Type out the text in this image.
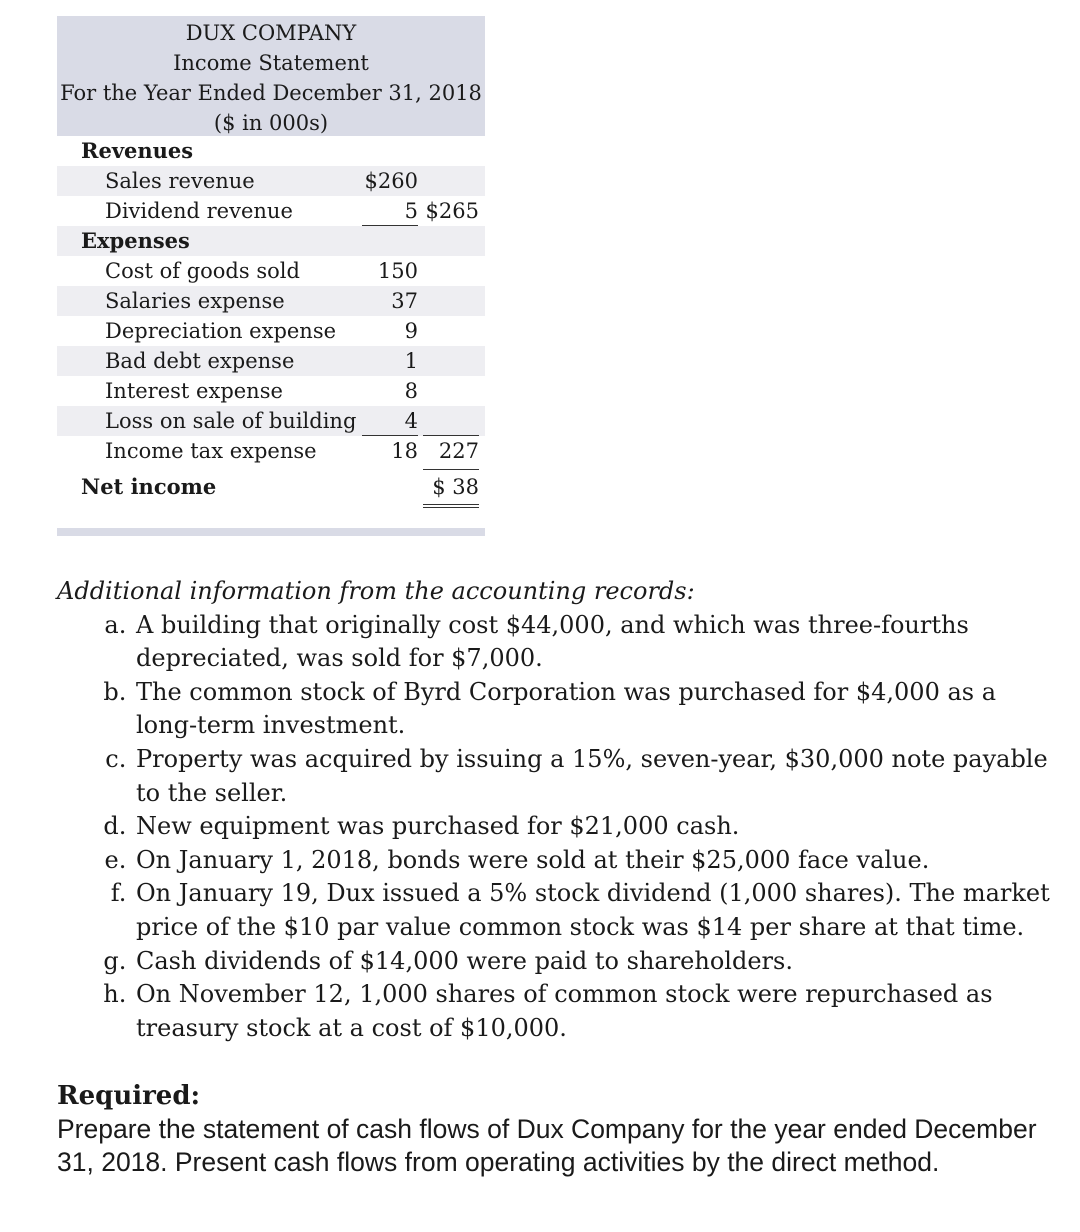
DUX COMPANY
Income Statement
For the Year Ended December 31, 2018
($ in 000s)
Revenues
Sales revenue	$260
Dividend revenue	5 $265
Expenses
Cost of goods sold	150
Salaries expense	37
Depreciation expense	9
Bad debt expense	1
Interest expense	8
Loss on sale of building 4
Income tax expense	18 227
Net income	$ 38
Additional information from the accounting records:
a. A building that originally cost $44,000, and which was three-fourths depreciated, was sold for $7,000.
b. The common stock of Byrd Corporation was purchased for $4,000 as a long-term investment.
c. Property was acquired by issuing a 15%, seven-year, $30,000 note payable to the seller.
d. New equipment was purchased for $21,000 cash.
e. On January 1, 2018, bonds were sold at their $25,000 face value.
f. On January 19, Dux issued a 5% stock dividend (1,000 shares). The market price of the $10 par value common stock was $14 per share at that time.
g. Cash dividends of $14,000 were paid to shareholders.
h. On November 12, 1,000 shares of common stock were repurchased as treasury stock at a cost of $10,000.
Required:
Prepare the statement of cash flows of Dux Company for the year ended December 31, 2018. Present cash flows from operating activities by the direct method.
